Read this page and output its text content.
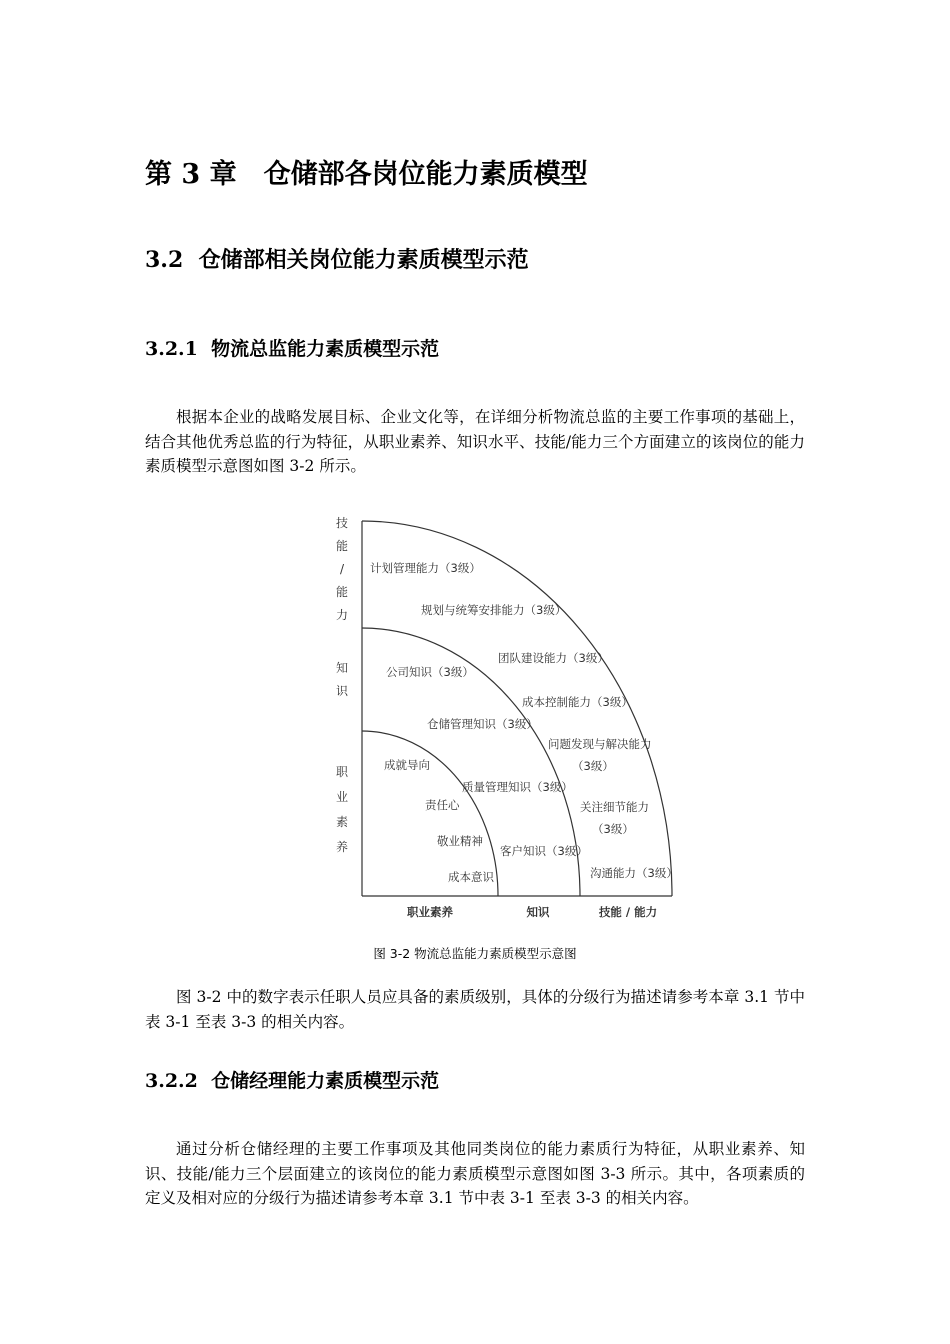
第 3 章　仓储部各岗位能力素质模型
3.2  仓储部相关岗位能力素质模型示范
3.2.1  物流总监能力素质模型示范

根据本企业的战略发展目标、企业文化等，在详细分析物流总监的主要工作事项的基础上，结合其他优秀总监的行为特征，从职业素养、知识水平、技能/能力三个方面建立的该岗位的能力素质模型示意图如图 3-2 所示。

技
能
/
能
力
知
识
职
业
素
养
职业素养	知识	技能 / 能力
计划管理能力（3级）
规划与统筹安排能力（3级）
团队建设能力（3级）
成本控制能力（3级）
问题发现与解决能力
（3级）
关注细节能力
（3级）
沟通能力（3级）
公司知识（3级）
仓储管理知识（3级）
质量管理知识（3级）
客户知识（3级）
成就导向
责任心
敬业精神
成本意识
图 3-2 物流总监能力素质模型示意图

图 3-2 中的数字表示任职人员应具备的素质级别，具体的分级行为描述请参考本章 3.1 节中表 3-1 至表 3-3 的相关内容。

3.2.2  仓储经理能力素质模型示范

通过分析仓储经理的主要工作事项及其他同类岗位的能力素质行为特征，从职业素养、知识、技能/能力三个层面建立的该岗位的能力素质模型示意图如图 3-3 所示。其中，各项素质的定义及相对应的分级行为描述请参考本章 3.1 节中表 3-1 至表 3-3 的相关内容。
